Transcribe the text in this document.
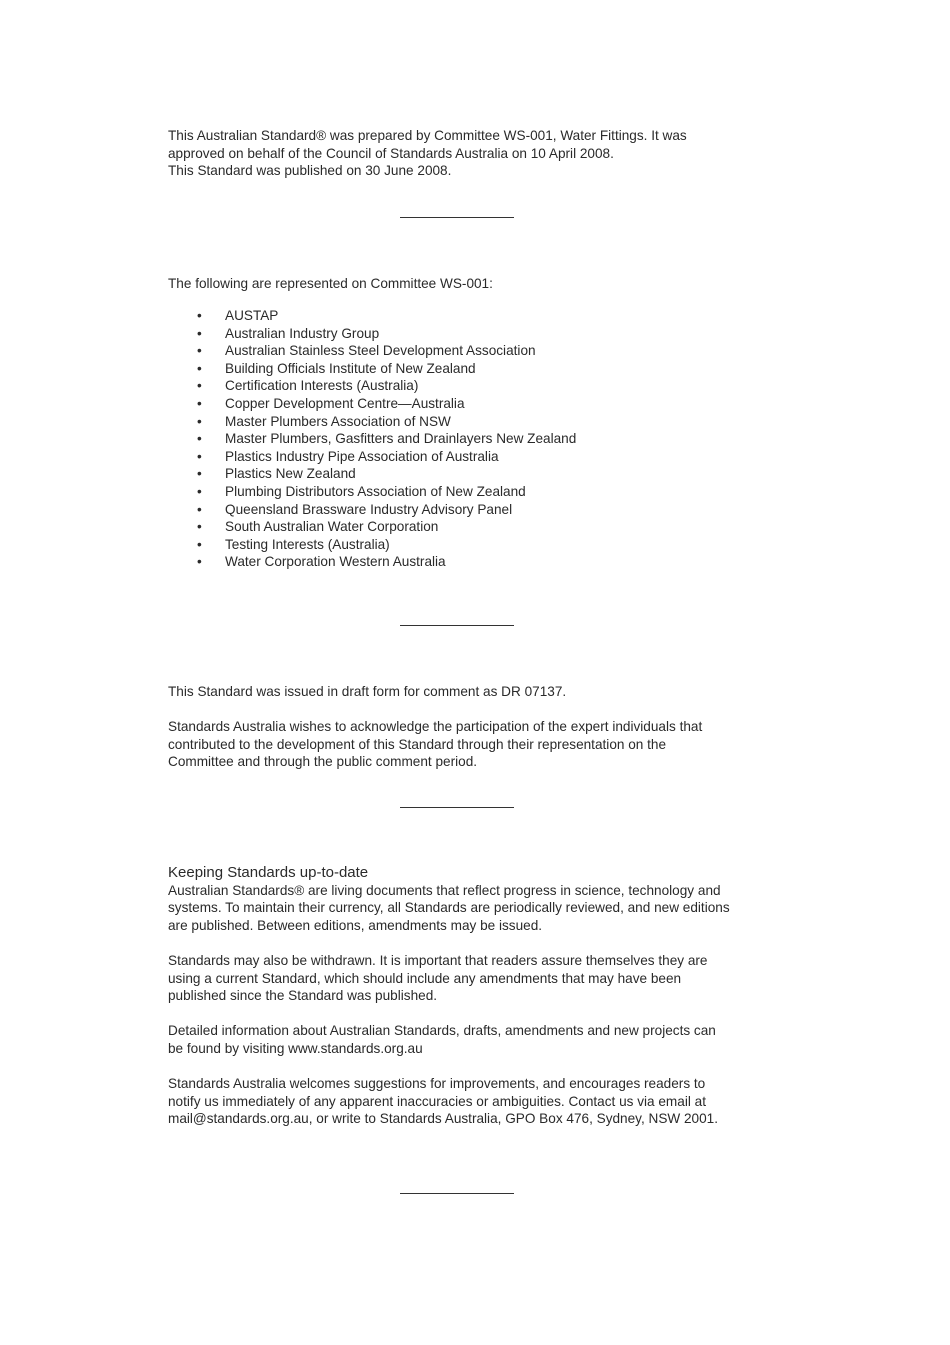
This Australian Standard® was prepared by Committee WS-001, Water Fittings. It was
approved on behalf of the Council of Standards Australia on 10 April 2008.
This Standard was published on 30 June 2008.
The following are represented on Committee WS-001:
• AUSTAP
• Australian Industry Group
• Australian Stainless Steel Development Association
• Building Officials Institute of New Zealand
• Certification Interests (Australia)
• Copper Development Centre—Australia
• Master Plumbers Association of NSW
• Master Plumbers, Gasfitters and Drainlayers New Zealand
• Plastics Industry Pipe Association of Australia
• Plastics New Zealand
• Plumbing Distributors Association of New Zealand
• Queensland Brassware Industry Advisory Panel
• South Australian Water Corporation
• Testing Interests (Australia)
• Water Corporation Western Australia
This Standard was issued in draft form for comment as DR 07137.
Standards Australia wishes to acknowledge the participation of the expert individuals that
contributed to the development of this Standard through their representation on the
Committee and through the public comment period.
Keeping Standards up-to-date
Australian Standards® are living documents that reflect progress in science, technology and
systems. To maintain their currency, all Standards are periodically reviewed, and new editions
are published. Between editions, amendments may be issued.
Standards may also be withdrawn. It is important that readers assure themselves they are
using a current Standard, which should include any amendments that may have been
published since the Standard was published.
Detailed information about Australian Standards, drafts, amendments and new projects can
be found by visiting www.standards.org.au
Standards Australia welcomes suggestions for improvements, and encourages readers to
notify us immediately of any apparent inaccuracies or ambiguities. Contact us via email at
mail@standards.org.au, or write to Standards Australia, GPO Box 476, Sydney, NSW 2001.
